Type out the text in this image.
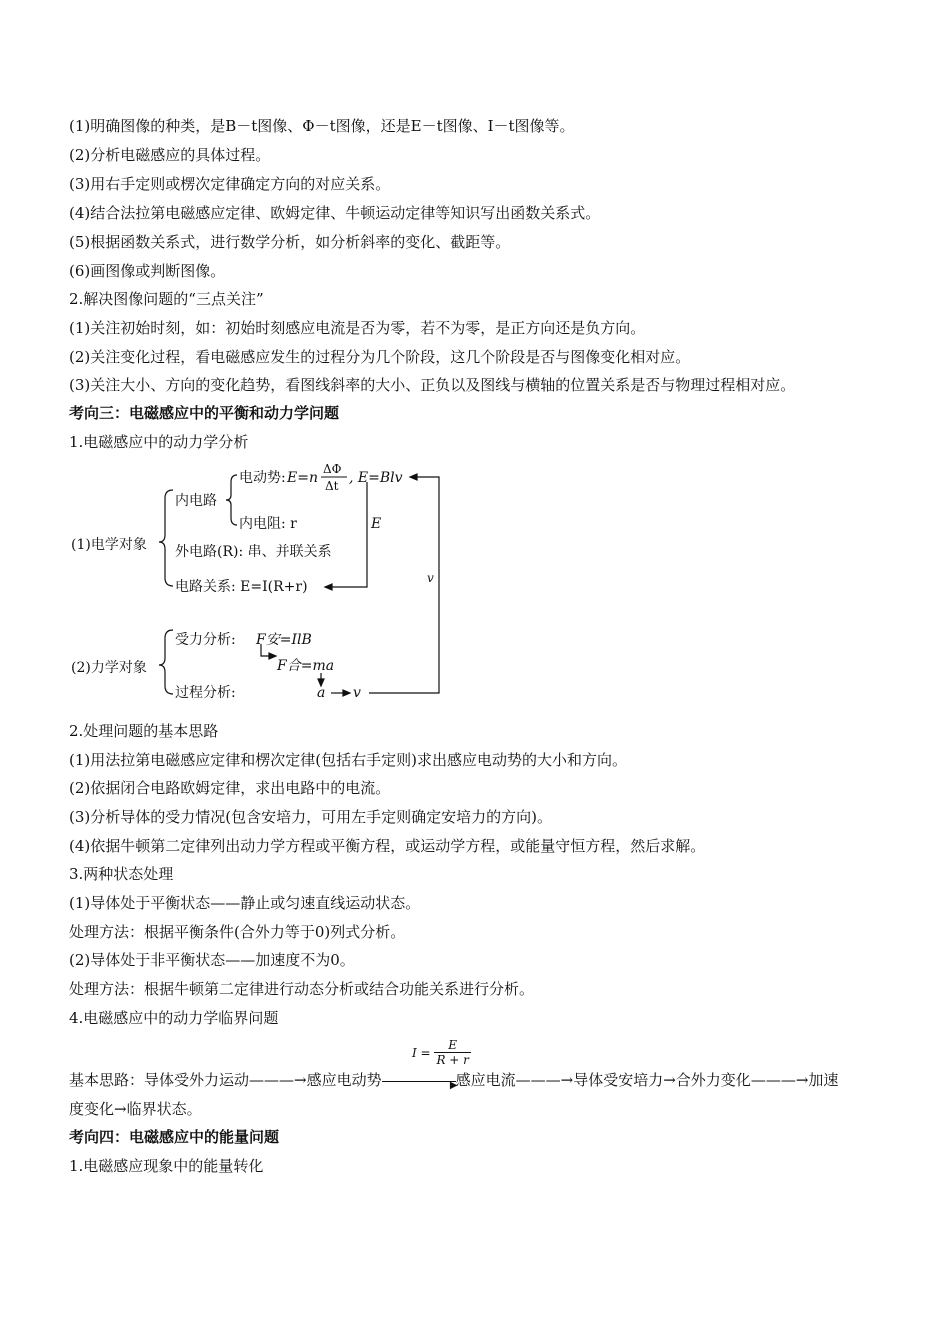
(1)明确图像的种类，是B－t图像、Φ－t图像，还是E－t图像、I－t图像等。
(2)分析电磁感应的具体过程。
(3)用右手定则或楞次定律确定方向的对应关系。
(4)结合法拉第电磁感应定律、欧姆定律、牛顿运动定律等知识写出函数关系式。
(5)根据函数关系式，进行数学分析，如分析斜率的变化、截距等。
(6)画图像或判断图像。
2.解决图像问题的“三点关注”
(1)关注初始时刻，如：初始时刻感应电流是否为零，若不为零，是正方向还是负方向。
(2)关注变化过程，看电磁感应发生的过程分为几个阶段，这几个阶段是否与图像变化相对应。
(3)关注大小、方向的变化趋势，看图线斜率的大小、正负以及图线与横轴的位置关系是否与物理过程相对应。
考向三：电磁感应中的平衡和动力学问题
1.电磁感应中的动力学分析
(1)电学对象
内电路
电动势: E=n
ΔΦ
Δt , E=Blv
内电阻: r	E
外电路(R): 串、并联关系
电路关系: E=I(R+r)
v
(2)力学对象
受力分析: F安=IlB
F合=ma
过程分析:	a v
2.处理问题的基本思路
(1)用法拉第电磁感应定律和楞次定律(包括右手定则)求出感应电动势的大小和方向。
(2)依据闭合电路欧姆定律，求出电路中的电流。
(3)分析导体的受力情况(包含安培力，可用左手定则确定安培力的方向)。
(4)依据牛顿第二定律列出动力学方程或平衡方程，或运动学方程，或能量守恒方程，然后求解。
3.两种状态处理
(1)导体处于平衡状态——静止或匀速直线运动状态。
处理方法：根据平衡条件(合外力等于0)列式分析。
(2)导体处于非平衡状态——加速度不为0。
处理方法：根据牛顿第二定律进行动态分析或结合功能关系进行分析。
4.电磁感应中的动力学临界问题
$I = \frac{E}{R + r}$
基本思路：导体受外力运动———→感应电动势	▶
感应电流———→导体受安培力→合外力变化———→加速
度变化→临界状态。
考向四：电磁感应中的能量问题
1.电磁感应现象中的能量转化
